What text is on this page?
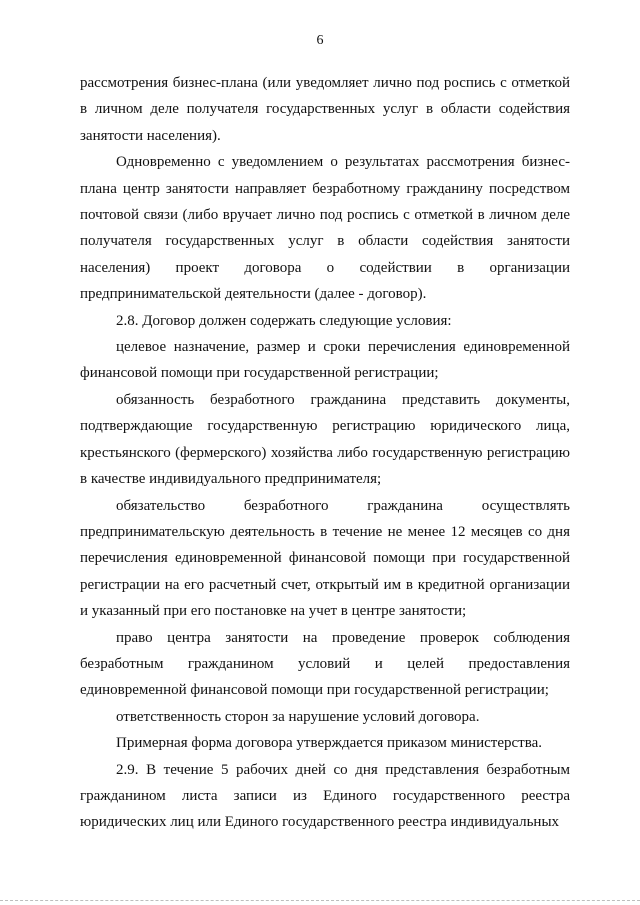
6

рассмотрения бизнес-плана (или уведомляет лично под роспись с отметкой в личном деле получателя государственных услуг в области содействия занятости населения).

Одновременно с уведомлением о результатах рассмотрения бизнес-плана центр занятости направляет безработному гражданину посредством почтовой связи (либо вручает лично под роспись с отметкой в личном деле получателя государственных услуг в области содействия занятости населения) проект договора о содействии в организации предпринимательской деятельности (далее - договор).

2.8. Договор должен содержать следующие условия:

целевое назначение, размер и сроки перечисления единовременной финансовой помощи при государственной регистрации;

обязанность безработного гражданина представить документы, подтверждающие государственную регистрацию юридического лица, крестьянского (фермерского) хозяйства либо государственную регистрацию в качестве индивидуального предпринимателя;

обязательство безработного гражданина осуществлять предпринимательскую деятельность в течение не менее 12 месяцев со дня перечисления единовременной финансовой помощи при государственной регистрации на его расчетный счет, открытый им в кредитной организации и указанный при его постановке на учет в центре занятости;

право центра занятости на проведение проверок соблюдения безработным гражданином условий и целей предоставления единовременной финансовой помощи при государственной регистрации;

ответственность сторон за нарушение условий договора.

Примерная форма договора утверждается приказом министерства.

2.9. В течение 5 рабочих дней со дня представления безработным гражданином листа записи из Единого государственного реестра юридических лиц или Единого государственного реестра индивидуальных
